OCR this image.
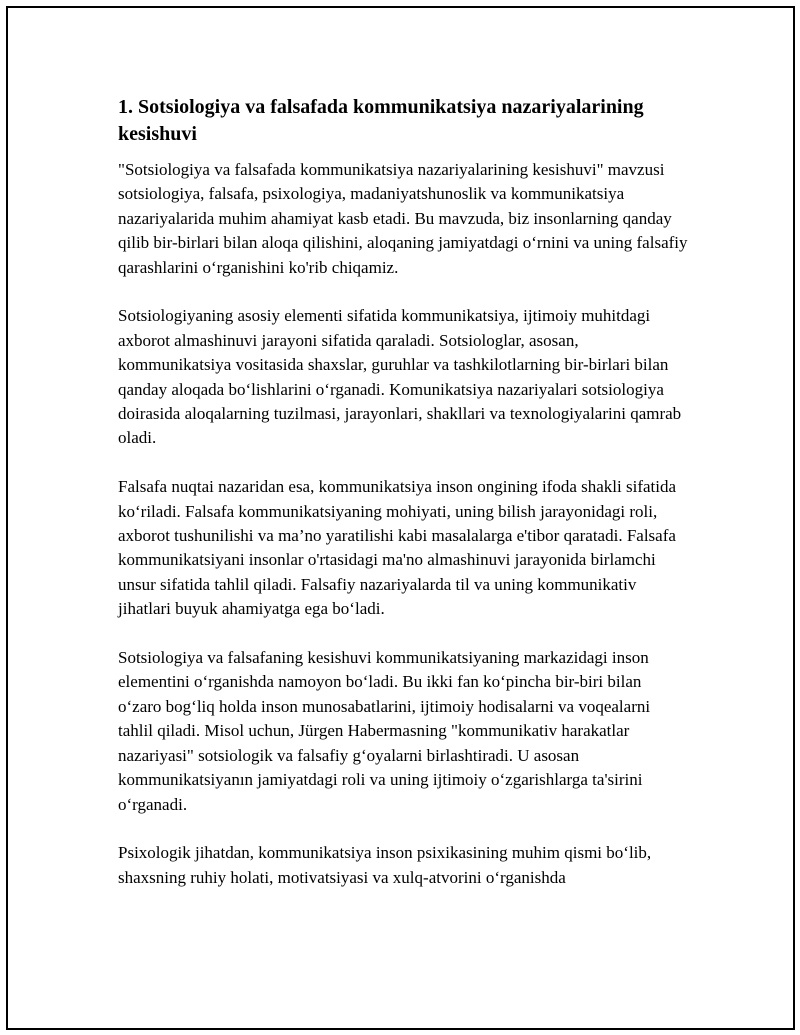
1. Sotsiologiya va falsafada kommunikatsiya nazariyalarining kesishuvi

"Sotsiologiya va falsafada kommunikatsiya nazariyalarining kesishuvi" mavzusi sotsiologiya, falsafa, psixologiya, madaniyatshunoslik va kommunikatsiya nazariyalarida muhim ahamiyat kasb etadi. Bu mavzuda, biz insonlarning qanday qilib bir-birlari bilan aloqa qilishini, aloqaning jamiyatdagi o‘rnini va uning falsafiy qarashlarini o‘rganishini ko'rib chiqamiz.

Sotsiologiyaning asosiy elementi sifatida kommunikatsiya, ijtimoiy muhitdagi axborot almashinuvi jarayoni sifatida qaraladi. Sotsiologlar, asosan, kommunikatsiya vositasida shaxslar, guruhlar va tashkilotlarning bir-birlari bilan qanday aloqada bo‘lishlarini o‘rganadi. Komunikatsiya nazariyalari sotsiologiya doirasida aloqalarning tuzilmasi, jarayonlari, shakllari va texnologiyalarini qamrab oladi.

Falsafa nuqtai nazaridan esa, kommunikatsiya inson ongining ifoda shakli sifatida ko‘riladi. Falsafa kommunikatsiyaning mohiyati, uning bilish jarayonidagi roli, axborot tushunilishi va ma’no yaratilishi kabi masalalarga e'tibor qaratadi. Falsafa kommunikatsiyani insonlar o'rtasidagi ma'no almashinuvi jarayonida birlamchi unsur sifatida tahlil qiladi. Falsafiy nazariyalarda til va uning kommunikativ jihatlari buyuk ahamiyatga ega bo‘ladi.

Sotsiologiya va falsafaning kesishuvi kommunikatsiyaning markazidagi inson elementini o‘rganishda namoyon bo‘ladi. Bu ikki fan ko‘pincha bir-biri bilan o‘zaro bog‘liq holda inson munosabatlarini, ijtimoiy hodisalarni va voqealarni tahlil qiladi. Misol uchun, Jürgen Habermasning "kommunikativ harakatlar nazariyasi" sotsiologik va falsafiy g‘oyalarni birlashtiradi. U asosan kommunikatsiyanın jamiyatdagi roli va uning ijtimoiy o‘zgarishlarga ta'sirini o‘rganadi.

Psixologik jihatdan, kommunikatsiya inson psixikasining muhim qismi bo‘lib, shaxsning ruhiy holati, motivatsiyasi va xulq-atvorini o‘rganishda
